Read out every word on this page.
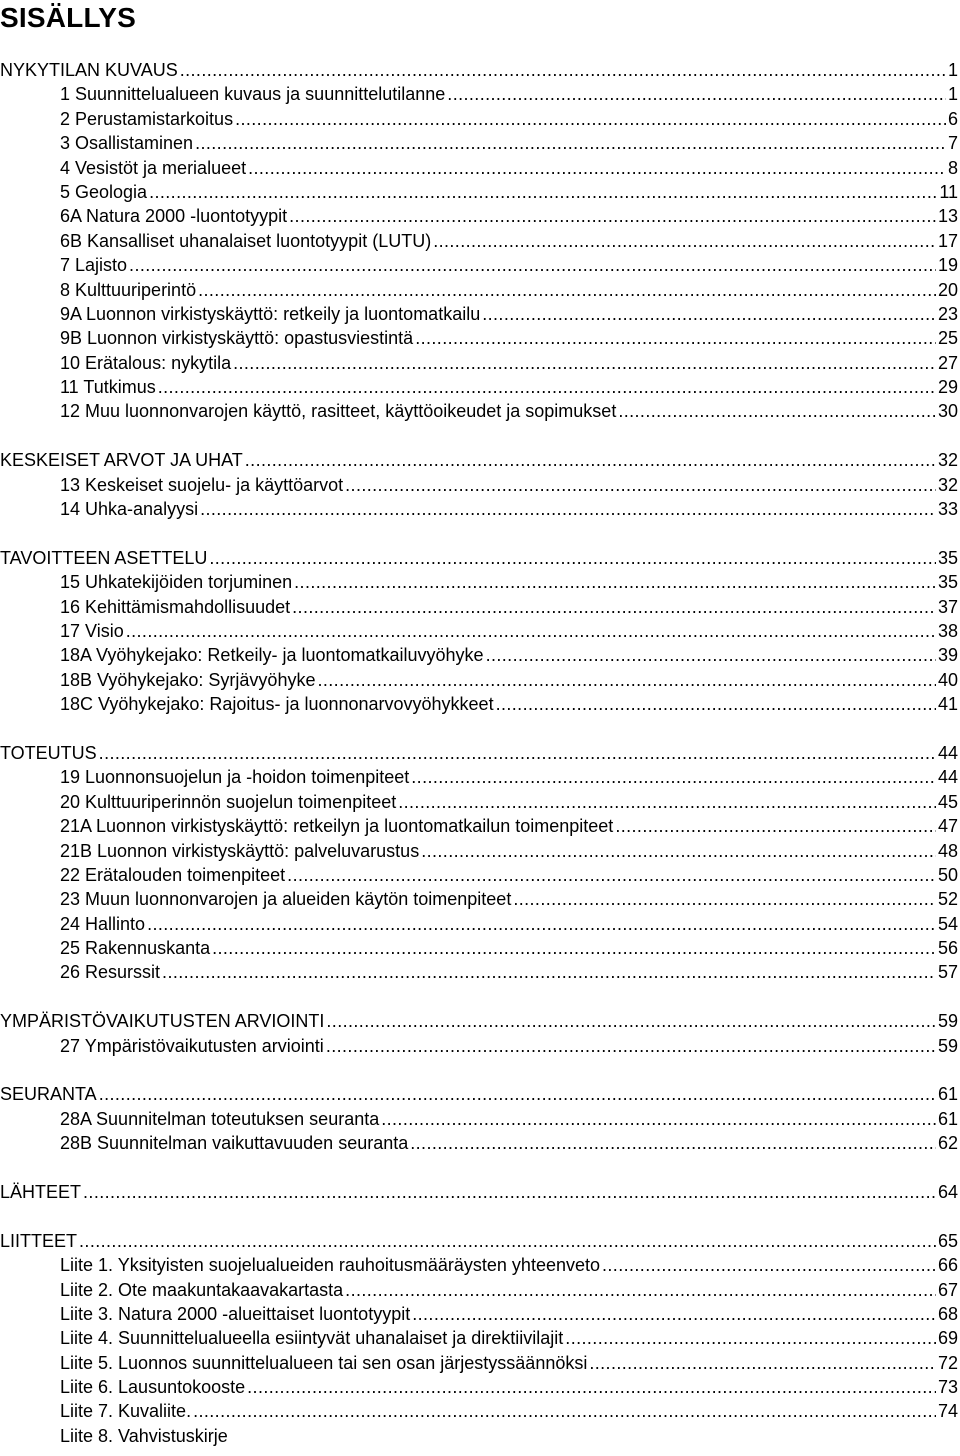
SISÄLLYS
NYKYTILAN KUVAUS .....	1
1 Suunnittelualueen kuvaus ja suunnittelutilanne .....	1
2 Perustamistarkoitus .....	6
3 Osallistaminen .....	7
4 Vesistöt ja merialueet .....	8
5 Geologia .....	11
6A Natura 2000 -luontotyypit .....	13
6B Kansalliset uhanalaiset luontotyypit (LUTU) .....	17
7 Lajisto .....	19
8 Kulttuuriperintö .....	20
9A Luonnon virkistyskäyttö: retkeily ja luontomatkailu .....	23
9B Luonnon virkistyskäyttö: opastusviestintä .....	25
10 Erätalous: nykytila .....	27
11 Tutkimus .....	29
12 Muu luonnonvarojen käyttö, rasitteet, käyttöoikeudet ja sopimukset .....	30
KESKEISET ARVOT JA UHAT .....	32
13 Keskeiset suojelu- ja käyttöarvot .....	32
14 Uhka-analyysi .....	33
TAVOITTEEN ASETTELU .....	35
15 Uhkatekijöiden torjuminen .....	35
16 Kehittämismahdollisuudet .....	37
17 Visio .....	38
18A Vyöhykejako: Retkeily- ja luontomatkailuvyöhyke .....	39
18B Vyöhykejako: Syrjävyöhyke .....	40
18C Vyöhykejako: Rajoitus- ja luonnonarvovyöhykkeet .....	41
TOTEUTUS .....	44
19 Luonnonsuojelun ja -hoidon toimenpiteet .....	44
20 Kulttuuriperinnön suojelun toimenpiteet .....	45
21A Luonnon virkistyskäyttö: retkeilyn ja luontomatkailun toimenpiteet .....	47
21B Luonnon virkistyskäyttö: palveluvarustus .....	48
22 Erätalouden toimenpiteet .....	50
23 Muun luonnonvarojen ja alueiden käytön toimenpiteet .....	52
24 Hallinto .....	54
25 Rakennuskanta .....	56
26 Resurssit .....	57
YMPÄRISTÖVAIKUTUSTEN ARVIOINTI .....	59
27 Ympäristövaikutusten arviointi .....	59
SEURANTA .....	61
28A Suunnitelman toteutuksen seuranta .....	61
28B Suunnitelman vaikuttavuuden seuranta .....	62
LÄHTEET .....	64
LIITTEET .....	65
Liite 1. Yksityisten suojelualueiden rauhoitusmääräysten yhteenveto .....	66
Liite 2. Ote maakuntakaavakartasta .....	67
Liite 3. Natura 2000 -alueittaiset luontotyypit .....	68
Liite 4. Suunnittelualueella esiintyvät uhanalaiset ja direktiivilajit .....	69
Liite 5. Luonnos suunnittelualueen tai sen osan järjestyssäännöksi .....	72
Liite 6. Lausuntokooste .....	73
Liite 7. Kuvaliite. .....	74
Liite 8. Vahvistuskirje
